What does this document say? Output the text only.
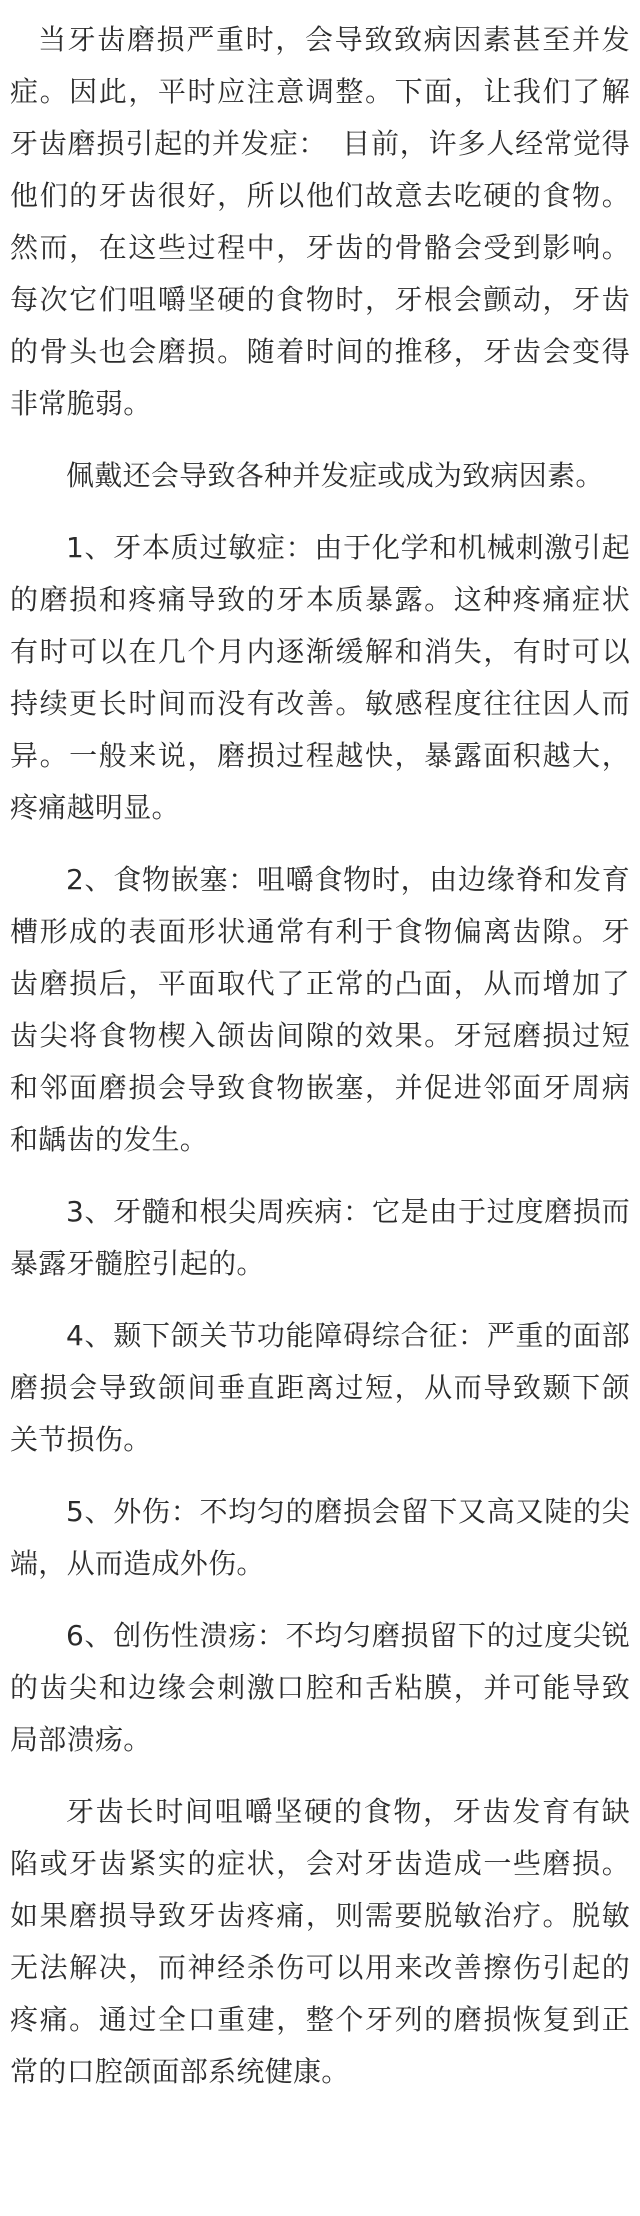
当牙齿磨损严重时，会导致致病因素甚至并发症。因此，平时应注意调整。下面，让我们了解牙齿磨损引起的并发症：　目前，许多人经常觉得他们的牙齿很好，所以他们故意去吃硬的食物。然而，在这些过程中，牙齿的骨骼会受到影响。每次它们咀嚼坚硬的食物时，牙根会颤动，牙齿的骨头也会磨损。随着时间的推移，牙齿会变得非常脆弱。

佩戴还会导致各种并发症或成为致病因素。

1、牙本质过敏症：由于化学和机械刺激引起的磨损和疼痛导致的牙本质暴露。这种疼痛症状有时可以在几个月内逐渐缓解和消失，有时可以持续更长时间而没有改善。敏感程度往往因人而异。一般来说，磨损过程越快，暴露面积越大，疼痛越明显。

2、食物嵌塞：咀嚼食物时，由边缘脊和发育槽形成的表面形状通常有利于食物偏离齿隙。牙齿磨损后，平面取代了正常的凸面，从而增加了齿尖将食物楔入颌齿间隙的效果。牙冠磨损过短和邻面磨损会导致食物嵌塞，并促进邻面牙周病和龋齿的发生。

3、牙髓和根尖周疾病：它是由于过度磨损而暴露牙髓腔引起的。

4、颞下颌关节功能障碍综合征：严重的面部磨损会导致颌间垂直距离过短，从而导致颞下颌关节损伤。

5、外伤：不均匀的磨损会留下又高又陡的尖端，从而造成外伤。

6、创伤性溃疡：不均匀磨损留下的过度尖锐的齿尖和边缘会刺激口腔和舌粘膜，并可能导致局部溃疡。

牙齿长时间咀嚼坚硬的食物，牙齿发育有缺陷或牙齿紧实的症状，会对牙齿造成一些磨损。如果磨损导致牙齿疼痛，则需要脱敏治疗。脱敏无法解决，而神经杀伤可以用来改善擦伤引起的疼痛。通过全口重建，整个牙列的磨损恢复到正常的口腔颌面部系统健康。
